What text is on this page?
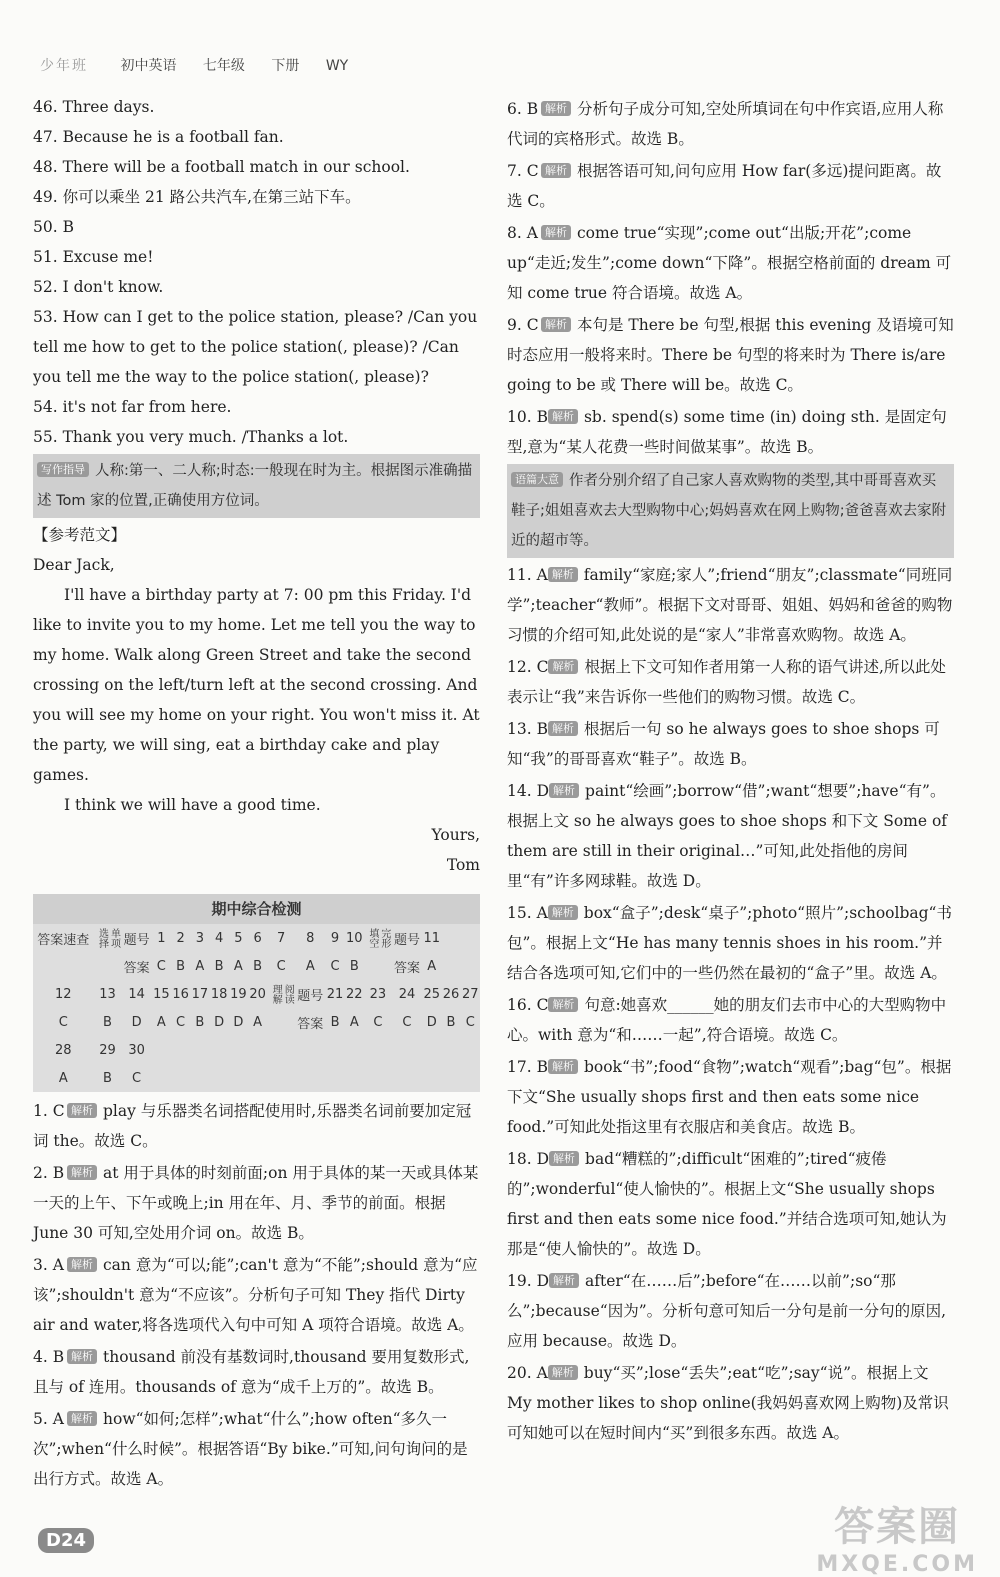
少年班 初中英语 七年级 下册 WY
46. Three days.
47. Because he is a football fan.
48. There will be a football match in our school.
49. 你可以乘坐 21 路公共汽车,在第三站下车。
50. B
51. Excuse me!
52. I don't know.
53. How can I get to the police station, please? /Can you tell me how to get to the police station(, please)? /Can you tell me the way to the police station(, please)?
54. it's not far from here.
55. Thank you very much. /Thanks a lot.
写作指导 人称:第一、二人称;时态:一般现在时为主。根据图示准确描述 Tom 家的位置,正确使用方位词。

【参考范文】

Dear Jack,

I'll have a birthday party at 7: 00 pm this Friday. I'd like to invite you to my home. Let me tell you the way to my home. Walk along Green Street and take the second crossing on the left/turn left at the second crossing. And you will see my home on your right. You won't miss it. At the party, we will sing, eat a birthday cake and play games.

I think we will have a good time.

Yours,

Tom

期中综合检测
答案速查	单项选择	题号	1	2	3	4	5	6	7	8	9	10	完形填空	题号	11		
		答案	C	B	A	B	A	B	C	A	C	B		答案	A		
12	13	14	15	16	17	18	19	20	阅读理解	题号	21	22	23	24	25	26	27
C	B	D	A	C	B	D	D	A		答案	B	A	C	C	D	B	C
28	29	30															
A	B	C															
1. C 解析 play 与乐器类名词搭配使用时,乐器类名词前要加定冠词 the。故选 C。
2. B 解析 at 用于具体的时刻前面;on 用于具体的某一天或具体某一天的上午、下午或晚上;in 用在年、月、季节的前面。根据 June 30 可知,空处用介词 on。故选 B。
3. A 解析 can 意为“可以;能”;can't 意为“不能”;should 意为“应该”;shouldn't 意为“不应该”。分析句子可知 They 指代 Dirty air and water,将各选项代入句中可知 A 项符合语境。故选 A。
4. B 解析 thousand 前没有基数词时,thousand 要用复数形式,且与 of 连用。thousands of 意为“成千上万的”。故选 B。
5. A 解析 how“如何;怎样”;what“什么”;how often“多久一次”;when“什么时候”。根据答语“By bike.”可知,问句询问的是出行方式。故选 A。
6. B 解析 分析句子成分可知,空处所填词在句中作宾语,应用人称代词的宾格形式。故选 B。
7. C 解析 根据答语可知,问句应用 How far(多远)提问距离。故选 C。
8. A 解析 come true“实现”;come out“出版;开花”;come up“走近;发生”;come down“下降”。根据空格前面的 dream 可知 come true 符合语境。故选 A。
9. C 解析 本句是 There be 句型,根据 this evening 及语境可知时态应用一般将来时。There be 句型的将来时为 There is/are going to be 或 There will be。故选 C。
10. B 解析 sb. spend(s) some time (in) doing sth. 是固定句型,意为“某人花费一些时间做某事”。故选 B。
语篇大意 作者分别介绍了自己家人喜欢购物的类型,其中哥哥喜欢买鞋子;姐姐喜欢去大型购物中心;妈妈喜欢在网上购物;爸爸喜欢去家附近的超市等。
11. A 解析 family“家庭;家人”;friend“朋友”;classmate“同班同学”;teacher“教师”。根据下文对哥哥、姐姐、妈妈和爸爸的购物习惯的介绍可知,此处说的是“家人”非常喜欢购物。故选 A。
12. C 解析 根据上下文可知作者用第一人称的语气讲述,所以此处表示让“我”来告诉你一些他们的购物习惯。故选 C。
13. B 解析 根据后一句 so he always goes to shoe shops 可知“我”的哥哥喜欢“鞋子”。故选 B。
14. D 解析 paint“绘画”;borrow“借”;want“想要”;have“有”。根据上文 so he always goes to shoe shops 和下文 Some of them are still in their original…”可知,此处指他的房间里“有”许多网球鞋。故选 D。
15. A 解析 box“盒子”;desk“桌子”;photo“照片”;schoolbag“书包”。根据上文“He has many tennis shoes in his room.”并结合各选项可知,它们中的一些仍然在最初的“盒子”里。故选 A。
16. C 解析 句意:她喜欢______她的朋友们去市中心的大型购物中心。with 意为“和……一起”,符合语境。故选 C。
17. B 解析 book“书”;food“食物”;watch“观看”;bag“包”。根据下文“She usually shops first and then eats some nice food.”可知此处指这里有衣服店和美食店。故选 B。
18. D 解析 bad“糟糕的”;difficult“困难的”;tired“疲倦的”;wonderful“使人愉快的”。根据上文“She usually shops first and then eats some nice food.”并结合选项可知,她认为那是“使人愉快的”。故选 D。
19. D 解析 after“在……后”;before“在……以前”;so“那么”;because“因为”。分析句意可知后一分句是前一分句的原因,应用 because。故选 D。
20. A 解析 buy“买”;lose“丢失”;eat“吃”;say“说”。根据上文 My mother likes to shop online(我妈妈喜欢网上购物)及常识可知她可以在短时间内“买”到很多东西。故选 A。
D24	答案圈
MXQE.COM
